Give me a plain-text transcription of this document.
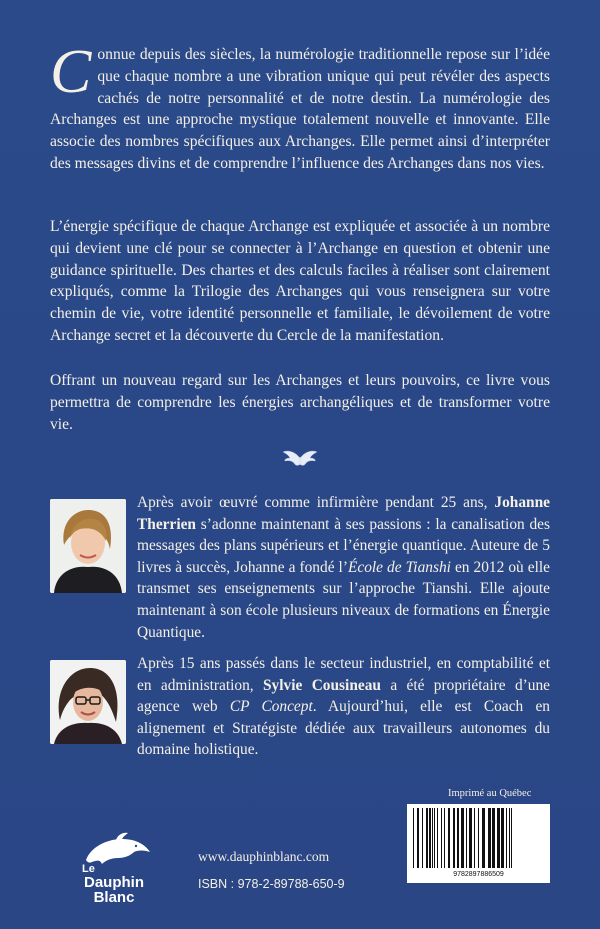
Connue depuis des siècles, la numérologie traditionnelle repose sur l’idée que chaque nombre a une vibration unique qui peut révéler des aspects cachés de notre personnalité et de notre destin. La numérologie des Archanges est une approche mystique totalement nouvelle et innovante. Elle associe des nombres spécifiques aux Archanges. Elle permet ainsi d’interpréter des messages divins et de comprendre l’influence des Archanges dans nos vies.

L’énergie spécifique de chaque Archange est expliquée et associée à un nombre qui devient une clé pour se connecter à l’Archange en question et obtenir une guidance spirituelle. Des chartes et des calculs faciles à réaliser sont clairement expliqués, comme la Trilogie des Archanges qui vous renseignera sur votre chemin de vie, votre identité personnelle et familiale, le dévoilement de votre Archange secret et la découverte du Cercle de la manifestation.

Offrant un nouveau regard sur les Archanges et leurs pouvoirs, ce livre vous permettra de comprendre les énergies archangéliques et de transformer votre vie.

Après avoir œuvré comme infirmière pendant 25 ans, Johanne Therrien s’adonne maintenant à ses passions : la canalisation des messages des plans supérieurs et l’énergie quantique. Auteure de 5 livres à succès, Johanne a fondé l’École de Tianshi en 2012 où elle transmet ses enseignements sur l’approche Tianshi. Elle ajoute maintenant à son école plusieurs niveaux de formations en Énergie Quantique.

Après 15 ans passés dans le secteur industriel, en comptabilité et en administration, Sylvie Cousineau a été propriétaire d’une agence web CP Concept. Aujourd’hui, elle est Coach en alignement et Stratégiste dédiée aux travailleurs autonomes du domaine holistique.

Imprimé au Québec
9782897886509
Le
Dauphin
Blanc
www.dauphinblanc.com
ISBN : 978-2-89788-650-9
